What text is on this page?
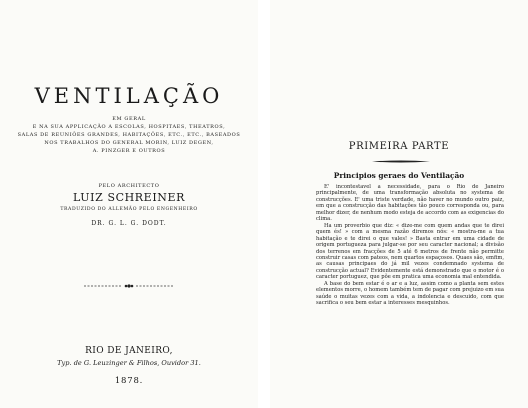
VENTILAÇÃO
EM GERAL
E NA SUA APPLICAÇÃO A ESCOLAS, HOSPITAES, THEATROS,
SALAS DE REUNIÕES GRANDES, HABITAÇÕES, ETC., ETC., BASEADOS
NOS TRABALHOS DO GENERAL MORIN, LUIZ DEGEN,
A. PINZGER E OUTROS
PELO ARCHITECTO
LUIZ SCHREINER
TRADUZIDO DO ALLEMÃO PELO ENGENHEIRO
DR. G. L. G. DODT.
RIO DE JANEIRO,
Typ. de G. Leuzinger & Filhos, Ouvidor 31.
1878.
PRIMEIRA PARTE
Principios geraes do Ventilação

E' incontestavel a necessidade, para o Rio de Janeiro principalmente, de uma transformação absoluta no systema de construcções. E' uma triste verdade, não haver no mundo outro paiz, em que a construcção das habitações tão pouco corresponda ou, para melhor dizer, de nenhum modo esteja de accordo com as exigencias do clima.

Ha um proverbio que diz: « dize-me com quem andas que te direi quem és! » com a mesma razão diremos nós: « mostra-me a tua habitação e te direi o que vales! » Basta entrar em uma cidade de origem portugueza para julgar-se por seu caracter nacional; a divisão dos terrenos em fracções de 5 até 6 metros de frente não permitte construir casas com pateos, nem quartos espaçosos. Quaes são, emfim, as causas principaes do já mil vezes condemnado systema de construcção actual? Evidentemente está demonstrado que o motor é o caracter portuguez, que põe em pratica uma economia mal entendida.

A base do bem estar é o ar e a luz, assim como a planta sem estes elementos morre, o homem também tem de pagar com prejuizo em sua saúde o muitas vezes com a vida, a indolencia e descuido, com que sacrifica o seu bem estar a interesses mesquinhos.
